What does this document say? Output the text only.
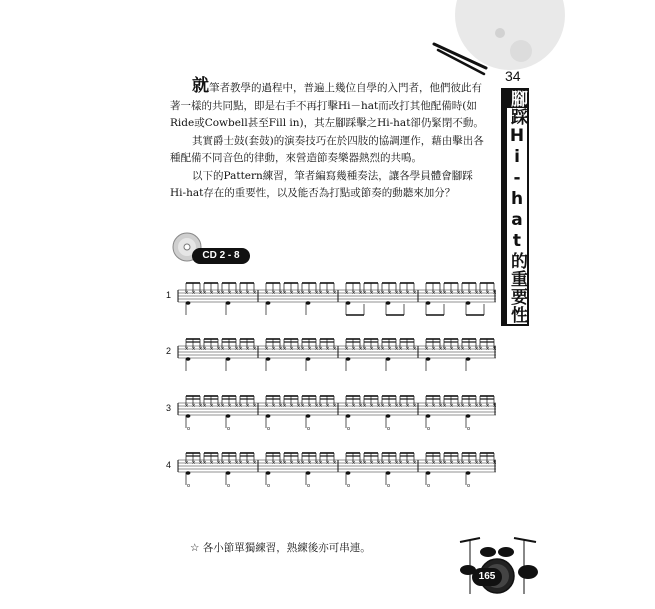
34
腳踩Hi-hat的重要性

就筆者教學的過程中，普遍上幾位自學的入門者，他們彼此有著一樣的共同點，即是右手不再打擊Hi－hat而改打其他配備時(如Ride或Cowbell甚至Fill in)，其左腳踩擊之Hi-hat卻仍緊閉不動。

其實爵士鼓(套鼓)的演奏技巧在於四肢的協調運作，藉由擊出各種配備不同音色的律動，來營造節奏樂器熱烈的共鳴。

以下的Pattern練習，筆者編寫幾種奏法，讓各學員體會腳踩Hi-hat存在的重要性，以及能否為打點或節奏的動聽來加分？

CD 2 - 8
1	× × × × × × × × × × × × × × × × × × × × × × × × × × × × × × × × × × × × × × × × × × × × × × × ×
2	× × × × × × × × × × × × × × × × × × × × × × × × × × × × × × × × × × × × × × × × × × × × × × × ×
3	× × × × × × × × × × × × × × × × × × × × × × × × × × × × × × × × × × × × × × × × × × × × × × × ×
o	o	o	o	o	o	o	o
4	× × × × × × × × × × × × × × × × × × × × × × × × × × × × × × × × × × × × × × × × × × × × × × × ×
o	o	o	o	o	o	o	o
☆ 各小節單獨練習，熟練後亦可串連。
165
